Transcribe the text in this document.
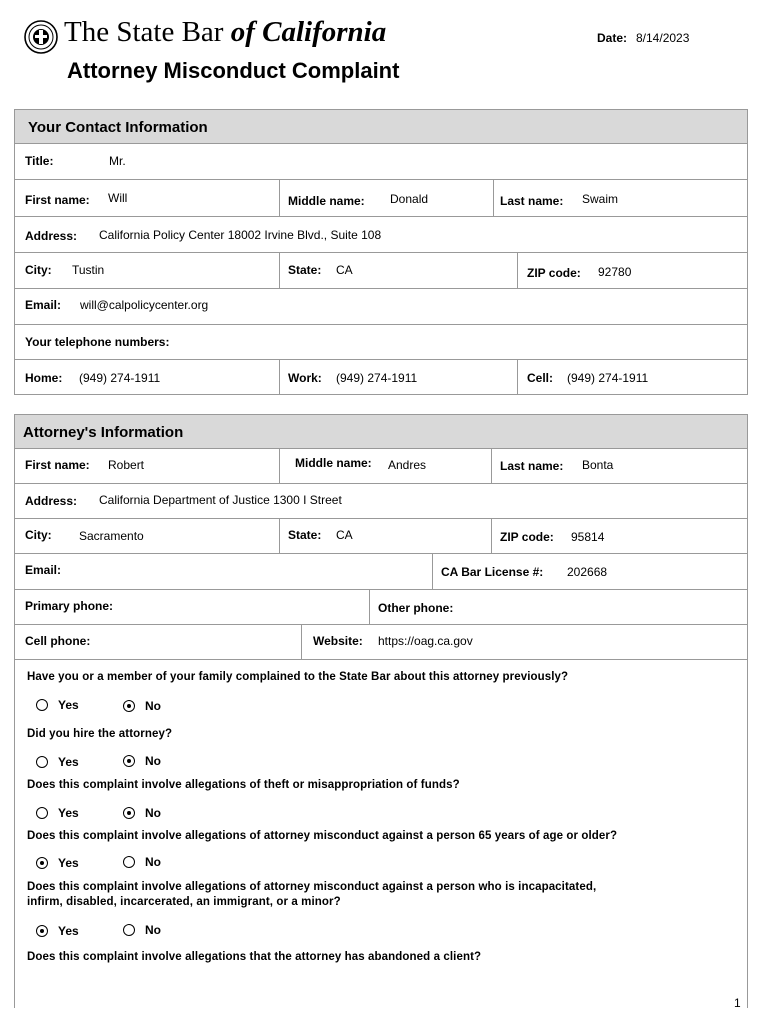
The State Bar of California	Date: 8/14/2023
Attorney Misconduct Complaint
Your Contact Information
Title:	Mr.
First name: Will	Middle name: Donald	Last name: Swaim
Address: California Policy Center 18002 Irvine Blvd., Suite 108
City: Tustin	State: CA	ZIP code: 92780
Email: will@calpolicycenter.org
Your telephone numbers:
Home: (949) 274-1911	Work: (949) 274-1911	Cell: (949) 274-1911
Attorney's Information
First name: Robert	Middle name: Andres	Last name: Bonta
Address: California Department of Justice 1300 I Street
City: Sacramento	State: CA	ZIP code: 95814
Email:	CA Bar License #: 202668
Primary phone:	Other phone:
Cell phone:	Website: https://oag.ca.gov
Have you or a member of your family complained to the State Bar about this attorney previously?
Yes	No
Did you hire the attorney?
Yes	No
Does this complaint involve allegations of theft or misappropriation of funds?
Yes	No
Does this complaint involve allegations of attorney misconduct against a person 65 years of age or older?
Yes	No
Does this complaint involve allegations of attorney misconduct against a person who is incapacitated,
infirm, disabled, incarcerated, an immigrant, or a minor?
Yes	No
Does this complaint involve allegations that the attorney has abandoned a client?
1
